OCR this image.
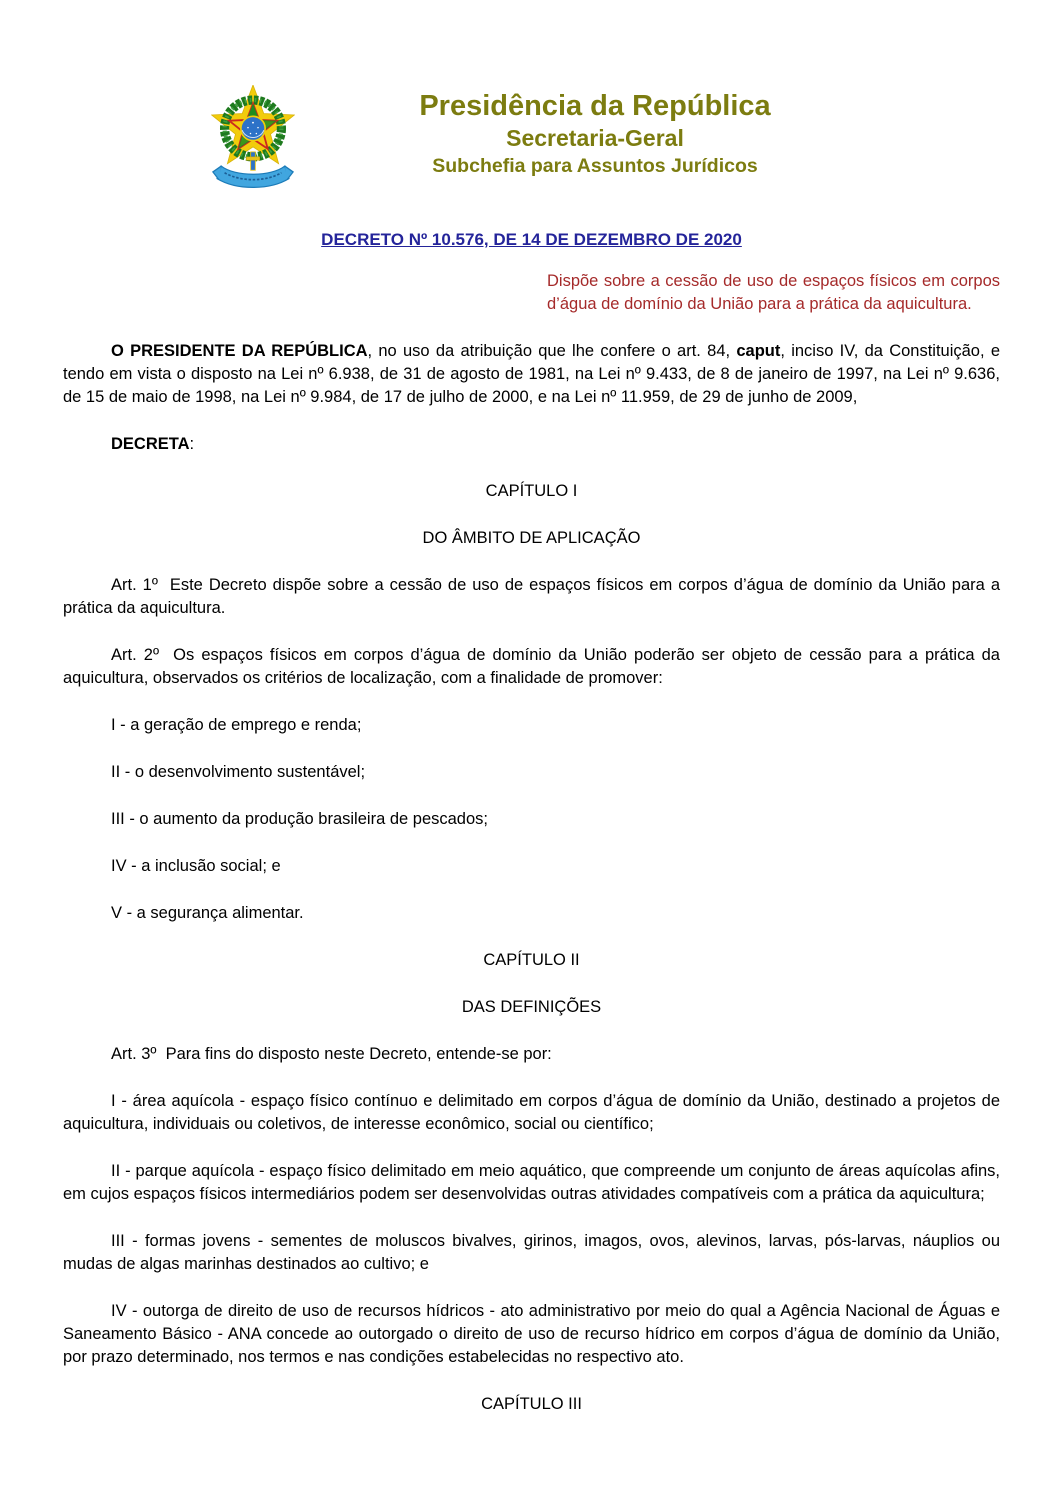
Presidência da República
Secretaria-Geral
Subchefia para Assuntos Jurídicos

DECRETO Nº 10.576, DE 14 DE DEZEMBRO DE 2020

Dispõe sobre a cessão de uso de espaços físicos em corpos d’água de domínio da União para a prática da aquicultura.

O PRESIDENTE DA REPÚBLICA, no uso da atribuição que lhe confere o art. 84, caput, inciso IV, da Constituição, e tendo em vista o disposto na Lei nº 6.938, de 31 de agosto de 1981, na Lei nº 9.433, de 8 de janeiro de 1997, na Lei nº 9.636, de 15 de maio de 1998, na Lei nº 9.984, de 17 de julho de 2000, e na Lei nº 11.959, de 29 de junho de 2009,

DECRETA:

CAPÍTULO I

DO ÂMBITO DE APLICAÇÃO

Art. 1º  Este Decreto dispõe sobre a cessão de uso de espaços físicos em corpos d’água de domínio da União para a prática da aquicultura.

Art. 2º  Os espaços físicos em corpos d’água de domínio da União poderão ser objeto de cessão para a prática da aquicultura, observados os critérios de localização, com a finalidade de promover:

I - a geração de emprego e renda;

II - o desenvolvimento sustentável;

III - o aumento da produção brasileira de pescados;

IV - a inclusão social; e

V - a segurança alimentar.

CAPÍTULO II

DAS DEFINIÇÕES

Art. 3º  Para fins do disposto neste Decreto, entende-se por:

I - área aquícola - espaço físico contínuo e delimitado em corpos d’água de domínio da União, destinado a projetos de aquicultura, individuais ou coletivos, de interesse econômico, social ou científico;

II - parque aquícola - espaço físico delimitado em meio aquático, que compreende um conjunto de áreas aquícolas afins, em cujos espaços físicos intermediários podem ser desenvolvidas outras atividades compatíveis com a prática da aquicultura;

III - formas jovens - sementes de moluscos bivalves, girinos, imagos, ovos, alevinos, larvas, pós-larvas, náuplios ou mudas de algas marinhas destinados ao cultivo; e

IV - outorga de direito de uso de recursos hídricos - ato administrativo por meio do qual a Agência Nacional de Águas e Saneamento Básico - ANA concede ao outorgado o direito de uso de recurso hídrico em corpos d’água de domínio da União, por prazo determinado, nos termos e nas condições estabelecidas no respectivo ato.

CAPÍTULO III
